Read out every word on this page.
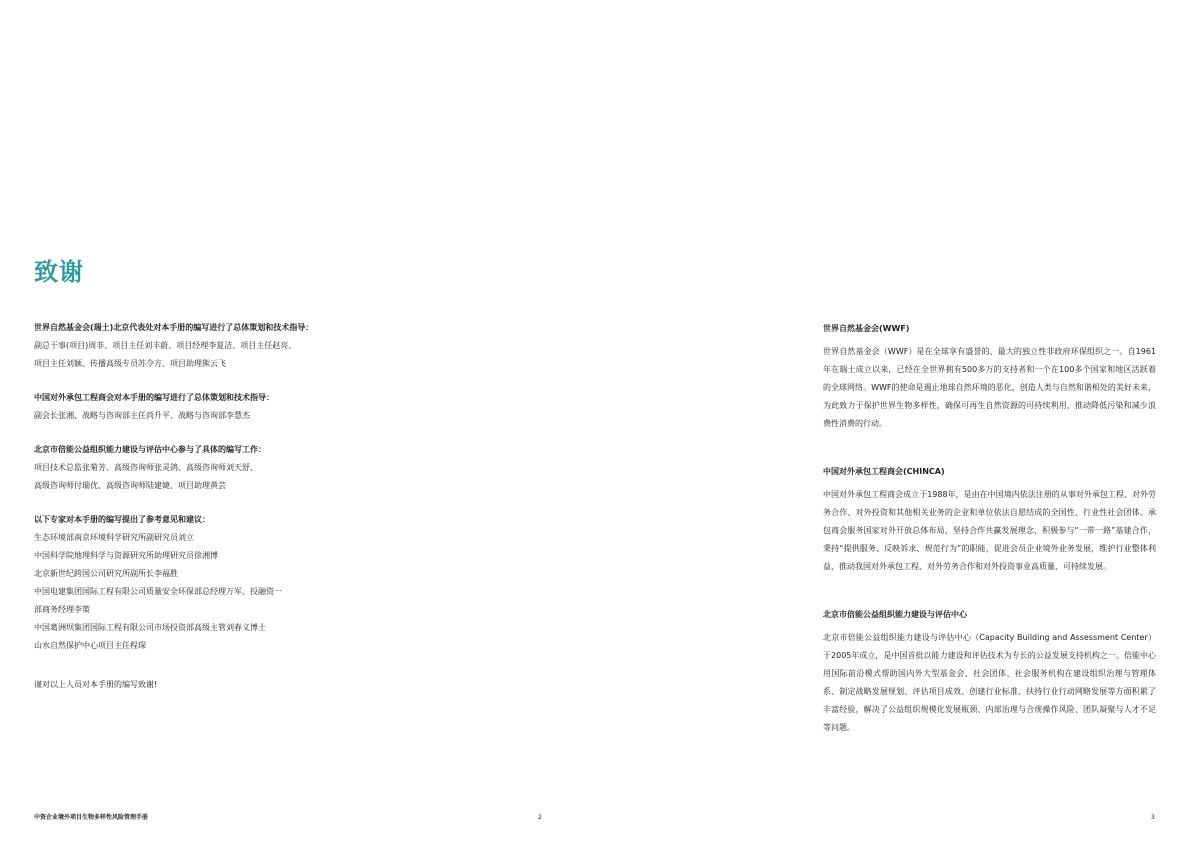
致谢

世界自然基金会(瑞士)北京代表处对本手册的编写进行了总体策划和技术指导：

副总干事(项目)周非、项目主任刘丰蔚、项目经理李夏洁、项目主任赵亮、

项目主任刘颖、传播高级专员苏令方、项目助理熊云飞

中国对外承包工程商会对本手册的编写进行了总体策划和技术指导：

副会长张湘、战略与咨询部主任尚升平、战略与咨询部李慧杰

北京市倍能公益组织能力建设与评估中心参与了具体的编写工作：

项目技术总监张菊芳、高级咨询师张灵鸽、高级咨询师刘天舒、

高级咨询师付瑞优、高级咨询师陆建婕、项目助理黄芸

以下专家对本手册的编写提出了参考意见和建议：

生态环境部南京环境科学研究所副研究员刘立

中国科学院地理科学与资源研究所助理研究员徐湘博

北京新世纪跨国公司研究所副所长李福胜

中国电建集团国际工程有限公司质量安全环保部总经理万军、投融资一

部商务经理李策

中国葛洲坝集团国际工程有限公司市场投资部高级主管刘春义博士

山水自然保护中心项目主任程琛

谨对以上人员对本手册的编写致谢!

中资企业境外项目生物多样性风险管理手册	2

世界自然基金会(WWF)

世界自然基金会（WWF）是在全球享有盛誉的、最大的独立性非政府环保组织之一。自1961年在瑞士成立以来，已经在全世界拥有500多万的支持者和一个在100多个国家和地区活跃着的全球网络。WWF的使命是遏止地球自然环境的恶化，创造人类与自然和谐相处的美好未来，为此致力于保护世界生物多样性，确保可再生自然资源的可持续利用，推动降低污染和减少浪费性消费的行动。

中国对外承包工程商会(CHINCA)

中国对外承包工程商会成立于1988年，是由在中国境内依法注册的从事对外承包工程、对外劳务合作、对外投资和其他相关业务的企业和单位依法自愿结成的全国性、行业性社会团体。承包商会服务国家对外开放总体布局，坚持合作共赢发展理念，积极参与“一带一路”基建合作，秉持“提供服务、反映诉求、规范行为”的职能，促进会员企业境外业务发展，维护行业整体利益，推动我国对外承包工程、对外劳务合作和对外投资事业高质量、可持续发展。

北京市倍能公益组织能力建设与评估中心

北京市倍能公益组织能力建设与评估中心（Capacity Building and Assessment Center）于2005年成立，是中国首批以能力建设和评估技术为专长的公益发展支持机构之一。倍能中心用国际前沿模式帮助国内外大型基金会、社会团体、社会服务机构在建设组织治理与管理体系、制定战略发展规划、评估项目成效、创建行业标准、扶持行业行动网略发展等方面积累了丰富经验，解决了公益组织规模化发展瓶颈、内部治理与合规操作风险、团队凝聚与人才不足等问题。

3
